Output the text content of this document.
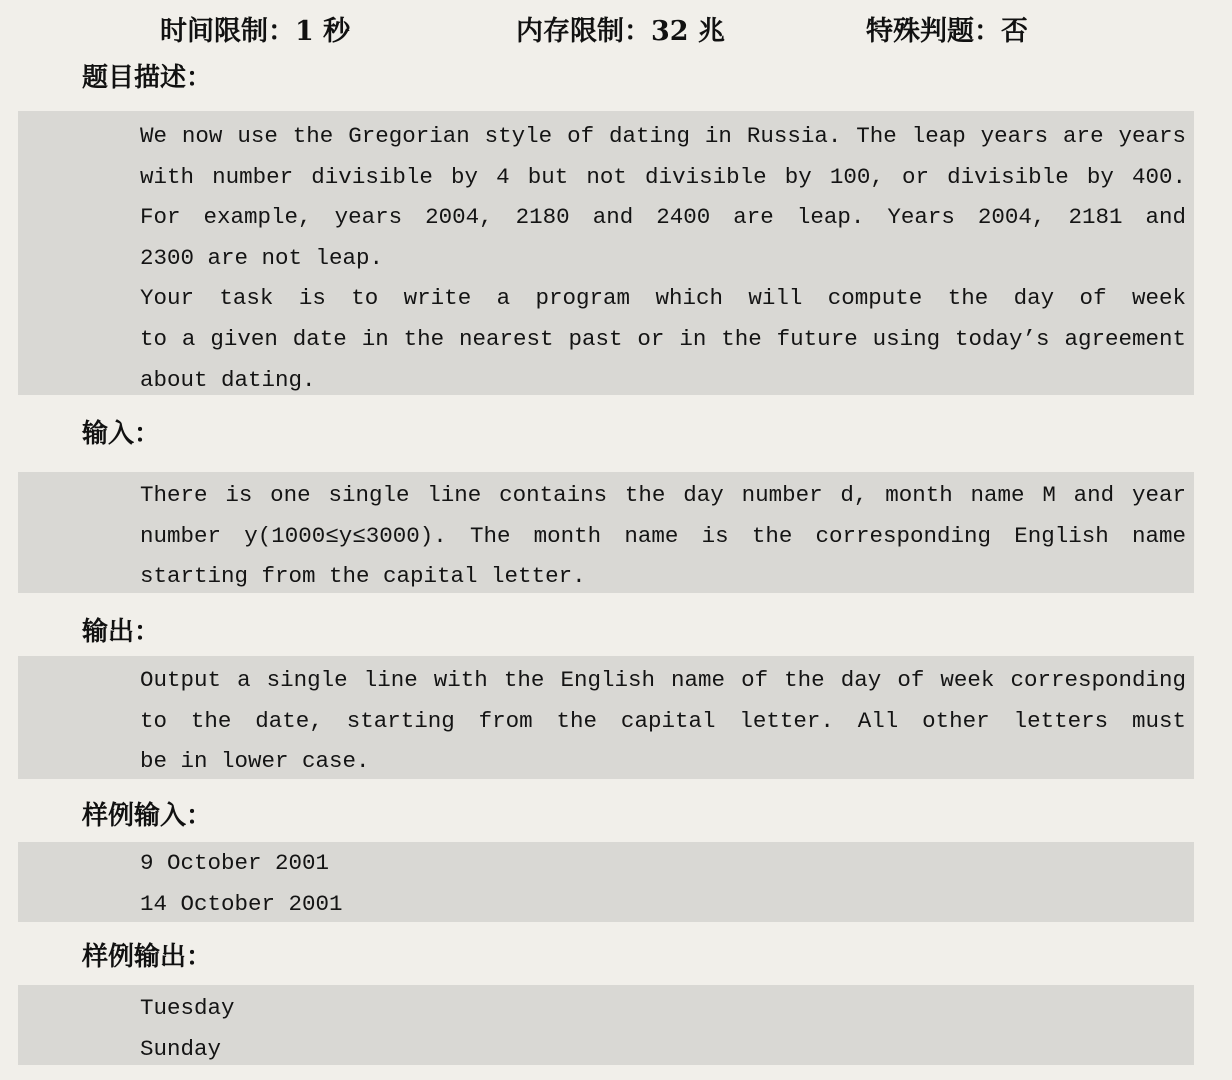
时间限制：1 秒	内存限制：32 兆	特殊判题：否
题目描述：
We now use the Gregorian style of dating in Russia. The leap years are years
with number divisible by 4 but not divisible by 100, or divisible by 400.
For example, years 2004, 2180 and 2400 are leap. Years 2004, 2181 and
2300 are not leap.
Your task is to write a program which will compute the day of week
to a given date in the nearest past or in the future using today’s agreement
about dating.
输入：
There is one single line contains the day number d, month name M and year
number y(1000≤y≤3000). The month name is the corresponding English name
starting from the capital letter.
输出：
Output a single line with the English name of the day of week corresponding
to the date, starting from the capital letter. All other letters must
be in lower case.
样例输入：
9 October 2001
14 October 2001
样例输出：
Tuesday
Sunday
